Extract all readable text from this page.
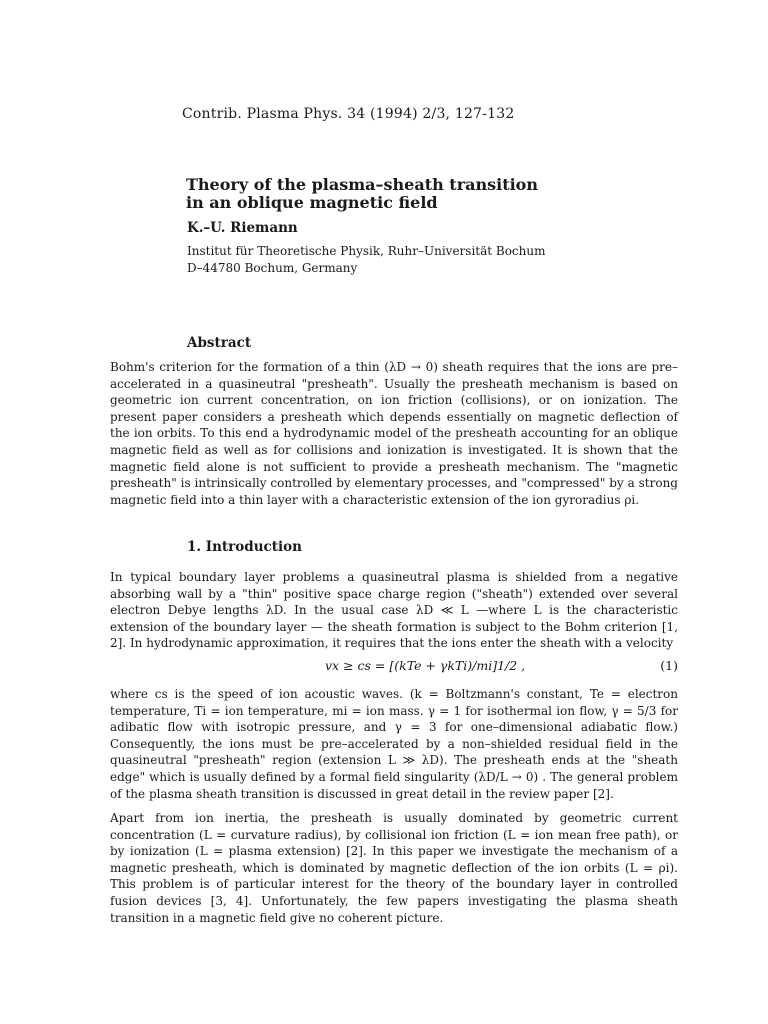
Contrib. Plasma Phys. 34 (1994) 2/3, 127-132
Theory of the plasma–sheath transition
in an oblique magnetic field
K.–U. Riemann
Institut für Theoretische Physik, Ruhr–Universität Bochum
D–44780 Bochum, Germany
Abstract
Bohm's criterion for the formation of a thin (λD → 0) sheath requires that the ions are pre–accelerated in a quasineutral "presheath". Usually the presheath mechanism is based on geometric ion current concentration, on ion friction (collisions), or on ionization. The present paper considers a presheath which depends essentially on magnetic deflection of the ion orbits. To this end a hydrodynamic model of the presheath accounting for an oblique magnetic field as well as for collisions and ionization is investigated. It is shown that the magnetic field alone is not sufficient to provide a presheath mechanism. The "magnetic presheath" is intrinsically controlled by elementary processes, and "compressed" by a strong magnetic field into a thin layer with a characteristic extension of the ion gyroradius ρi.
1. Introduction
In typical boundary layer problems a quasineutral plasma is shielded from a negative absorbing wall by a "thin" positive space charge region ("sheath") extended over several electron Debye lengths λD. In the usual case λD ≪ L —where L is the characteristic extension of the boundary layer — the sheath formation is subject to the Bohm criterion [1, 2]. In hydrodynamic approximation, it requires that the ions enter the sheath with a velocity
vx ≥ cs = [(kTe + γkTi)/mi]1/2 ,	(1)
where cs is the speed of ion acoustic waves. (k = Boltzmann's constant, Te = electron temperature, Ti = ion temperature, mi = ion mass. γ = 1 for isothermal ion flow, γ = 5/3 for adibatic flow with isotropic pressure, and γ = 3 for one–dimensional adiabatic flow.) Consequently, the ions must be pre–accelerated by a non–shielded residual field in the quasineutral "presheath" region (extension L ≫ λD). The presheath ends at the "sheath edge" which is usually defined by a formal field singularity (λD/L → 0) . The general problem of the plasma sheath transition is discussed in great detail in the review paper [2].
Apart from ion inertia, the presheath is usually dominated by geometric current concentration (L = curvature radius), by collisional ion friction (L = ion mean free path), or by ionization (L = plasma extension) [2]. In this paper we investigate the mechanism of a magnetic presheath, which is dominated by magnetic deflection of the ion orbits (L = ρi). This problem is of particular interest for the theory of the boundary layer in controlled fusion devices [3, 4]. Unfortunately, the few papers investigating the plasma sheath transition in a magnetic field give no coherent picture.
